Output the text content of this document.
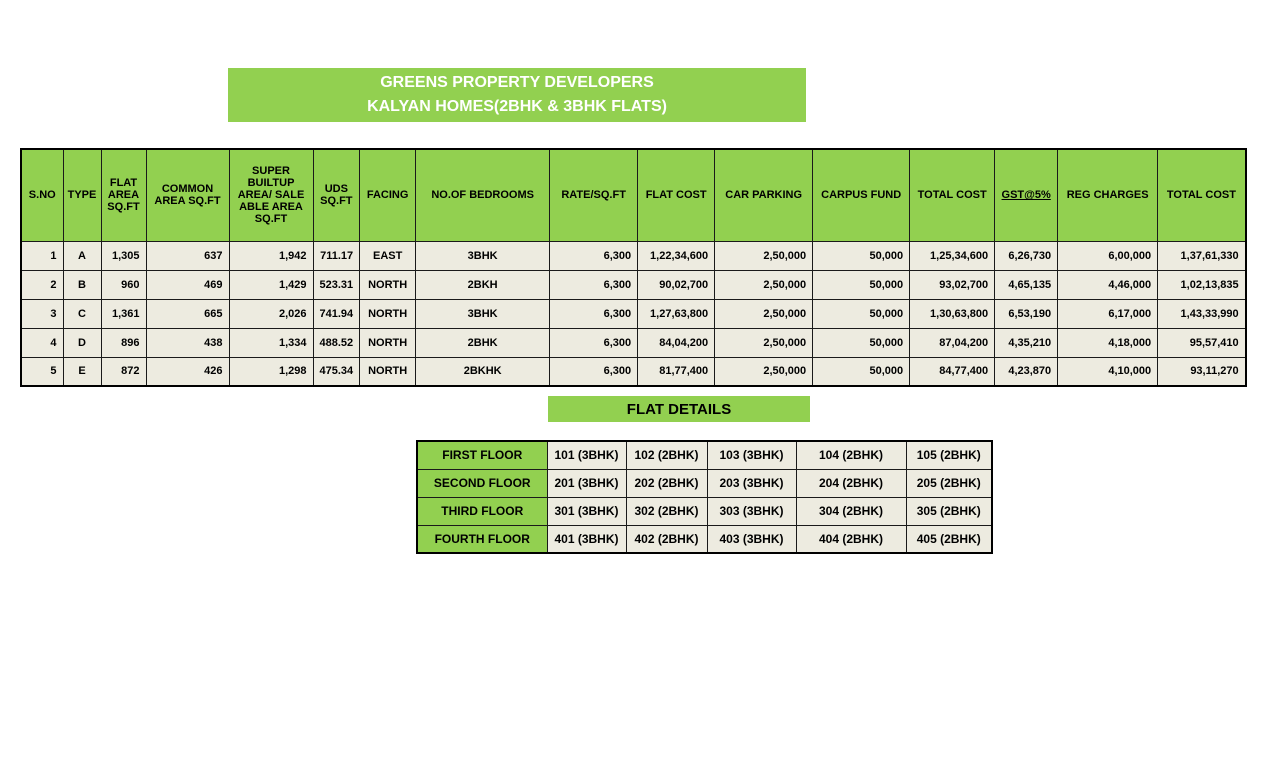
GREENS PROPERTY DEVELOPERS
KALYAN HOMES(2BHK & 3BHK FLATS)
S.NO	TYPE	FLAT AREA SQ.FT	COMMON AREA SQ.FT	SUPER BUILTUP AREA/ SALE ABLE AREA SQ.FT	UDS SQ.FT	FACING	NO.OF BEDROOMS	RATE/SQ.FT	FLAT COST	CAR PARKING	CARPUS FUND	TOTAL COST	GST@5%	REG CHARGES	TOTAL COST
1	A	1,305	637	1,942	711.17	EAST	3BHK	6,300	1,22,34,600	2,50,000	50,000	1,25,34,600	6,26,730	6,00,000	1,37,61,330
2	B	960	469	1,429	523.31	NORTH	2BKH	6,300	90,02,700	2,50,000	50,000	93,02,700	4,65,135	4,46,000	1,02,13,835
3	C	1,361	665	2,026	741.94	NORTH	3BHK	6,300	1,27,63,800	2,50,000	50,000	1,30,63,800	6,53,190	6,17,000	1,43,33,990
4	D	896	438	1,334	488.52	NORTH	2BHK	6,300	84,04,200	2,50,000	50,000	87,04,200	4,35,210	4,18,000	95,57,410
5	E	872	426	1,298	475.34	NORTH	2BKHK	6,300	81,77,400	2,50,000	50,000	84,77,400	4,23,870	4,10,000	93,11,270
FLAT DETAILS
FIRST FLOOR	101 (3BHK)	102 (2BHK)	103 (3BHK)	104 (2BHK)	105 (2BHK)
SECOND FLOOR	201 (3BHK)	202 (2BHK)	203 (3BHK)	204 (2BHK)	205 (2BHK)
THIRD FLOOR	301 (3BHK)	302 (2BHK)	303 (3BHK)	304 (2BHK)	305 (2BHK)
FOURTH FLOOR	401 (3BHK)	402 (2BHK)	403 (3BHK)	404 (2BHK)	405 (2BHK)
